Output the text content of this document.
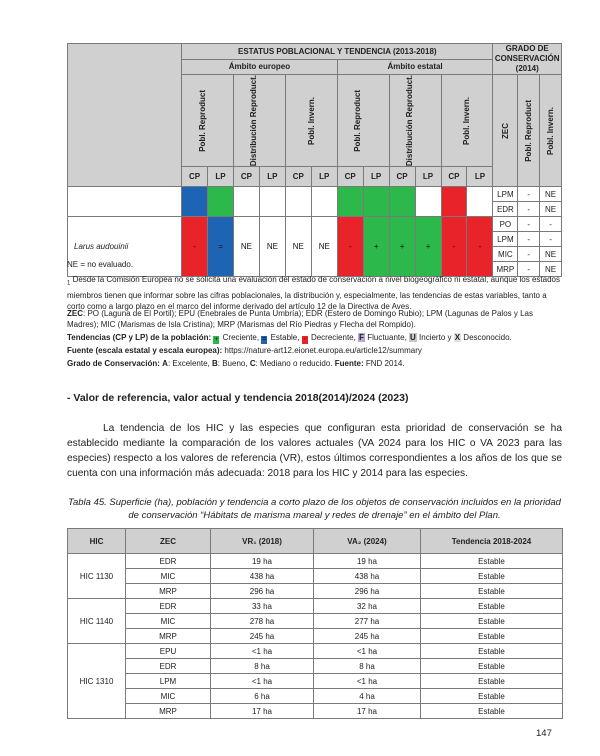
	ESTATUS POBLACIONAL Y TENDENCIA (2013-2018)												GRADO DE CONSERVACIÓN (2014)		
	Ámbito europeo						Ámbito estatal								

	Pobl. Reproduct		Distribución Reproduct.		Pobl. Invern.		Pobl. Reproduct		Distribución Reproduct.		Pobl. Invern.		ZEC	Pobl. Reproduct	Pobl. Invern.

	CP	LP	CP	LP	CP	LP	CP	LP	CP	LP	CP	LP			
													LPM	-	NE
													EDR	-	NE
Larus audouinii	-	=	NE	NE	NE	NE	-	+	+	+	-	-	PO	-	-
													LPM	-	-
													MIC	-	NE
													MRP	-	NE
NE = no evaluado.
$_1$ Desde la Comisión Europea no se solicita una evaluación del estado de conservación a nivel biogeográfico ni estatal, aunque los estados miembros tienen que informar sobre las cifras poblacionales, la distribución y, especialmente, las tendencias de estas variables, tanto a corto como a largo plazo en el marco del informe derivado del artículo 12 de la Directiva de Aves.
ZEC: PO (Laguna de El Portil); EPU (Enebrales de Punta Umbría); EDR (Estero de Domingo Rubio); LPM (Lagunas de Palos y Las Madres); MIC (Marismas de Isla Cristina); MRP (Marismas del Río Piedras y Flecha del Rompido).
Tendencias (CP y LP) de la población: + Creciente, = Estable, - Decreciente, F Fluctuante, U Incierto y X Desconocido.
Fuente (escala estatal y escala europea): https://nature-art12.eionet.europa.eu/article12/summary
Grado de Conservación: A: Excelente, B: Bueno, C: Mediano o reducido. Fuente: FND 2014.
- Valor de referencia, valor actual y tendencia 2018(2014)/2024 (2023)
La tendencia de los HIC y las especies que configuran esta prioridad de conservación se ha establecido mediante la comparación de los valores actuales (VA 2024 para los HIC o VA 2023 para las especies) respecto a los valores de referencia (VR), estos últimos correspondientes a los años de los que se cuenta con una información más adecuada: 2018 para los HIC y 2014 para las especies.
Tabla 45. Superficie (ha), población y tendencia a corto plazo de los objetos de conservación incluidos en la prioridad de conservación “Hábitats de marisma mareal y redes de drenaje” en el ámbito del Plan.
HIC	ZEC	VR₁ (2018)	VA₂ (2024)	Tendencia 2018-2024
HIC 1130	EDR	19 ha	19 ha	Estable
	MIC	438 ha	438 ha	Estable
	MRP	296 ha	296 ha	Estable
HIC 1140	EDR	33 ha	32 ha	Estable
	MIC	278 ha	277 ha	Estable
	MRP	245 ha	245 ha	Estable
HIC 1310	EPU	<1 ha	<1 ha	Estable
	EDR	8 ha	8 ha	Estable
	LPM	<1 ha	<1 ha	Estable
	MIC	6 ha	4 ha	Estable
	MRP	17 ha	17 ha	Estable
147
